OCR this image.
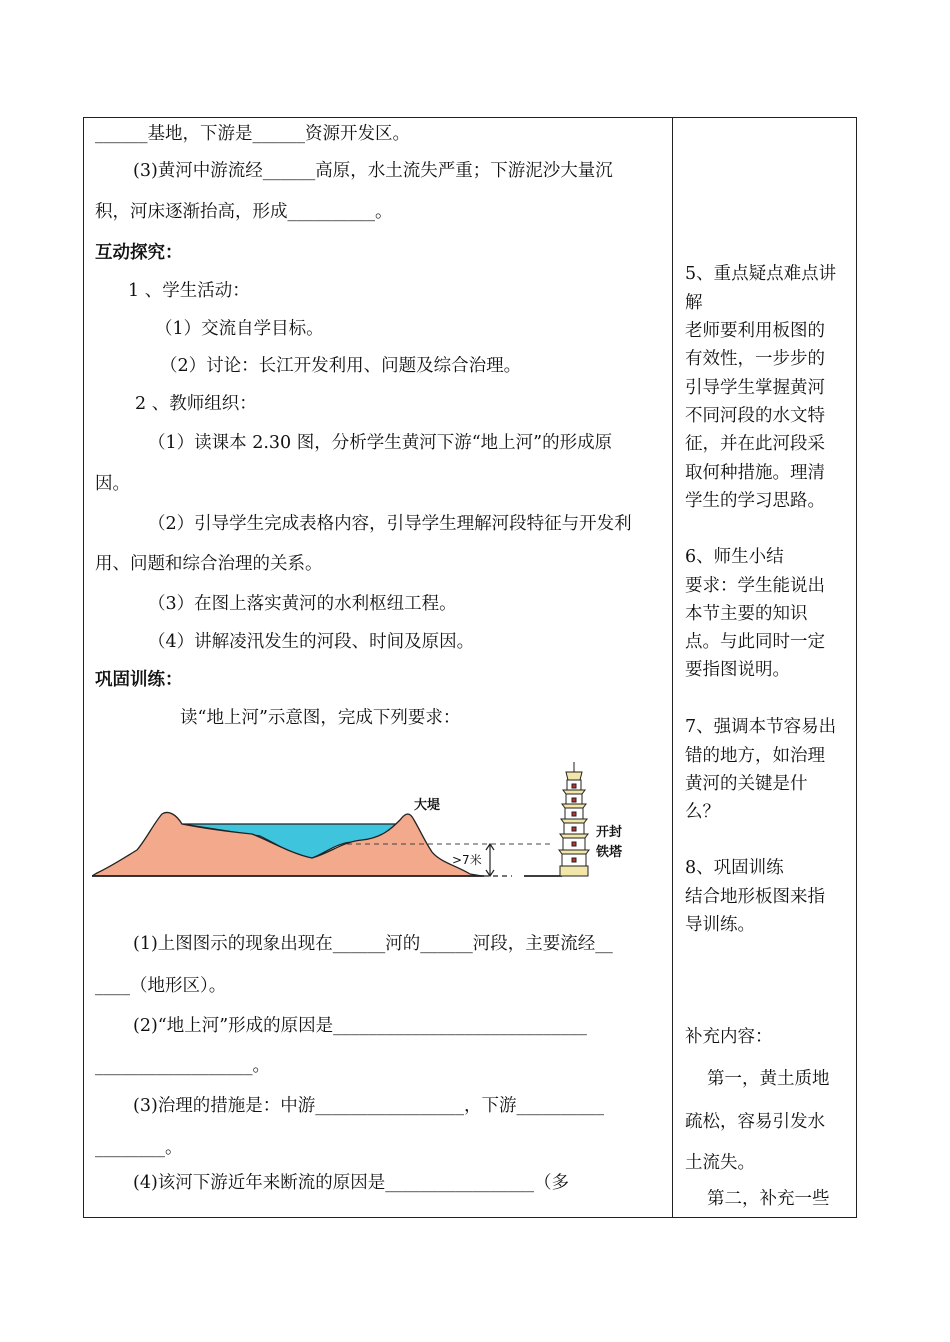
______基地，下游是______资源开发区。
(3)黄河中游流经______高原，水土流失严重；下游泥沙大量沉
积，河床逐渐抬高，形成__________。
互动探究：
1 、学生活动：
（1）交流自学目标。
（2）讨论：长江开发利用、问题及综合治理。
2 、教师组织：
（1）读课本 2.30 图，分析学生黄河下游“地上河”的形成原
因。
（2）引导学生完成表格内容，引导学生理解河段特征与开发利
用、问题和综合治理的关系。
（3）在图上落实黄河的水利枢纽工程。
（4）讲解凌汛发生的河段、时间及原因。
巩固训练：
读“地上河”示意图，完成下列要求：
>7米
大堤
开封
铁塔
(1)上图图示的现象出现在______河的______河段，主要流经__
____（地形区）。
(2)“地上河”形成的原因是_____________________________
__________________。
(3)治理的措施是：中游_________________，下游__________
________。
(4)该河下游近年来断流的原因是_________________（多
5、重点疑点难点讲
解
老师要利用板图的
有效性，一步步的
引导学生掌握黄河
不同河段的水文特
征，并在此河段采
取何种措施。理清
学生的学习思路。
6、师生小结
要求：学生能说出
本节主要的知识
点。与此同时一定
要指图说明。
7、强调本节容易出
错的地方，如治理
黄河的关键是什
么？
8、巩固训练
结合地形板图来指
导训练。
补充内容：
第一，黄土质地
疏松，容易引发水
土流失。
第二，补充一些
